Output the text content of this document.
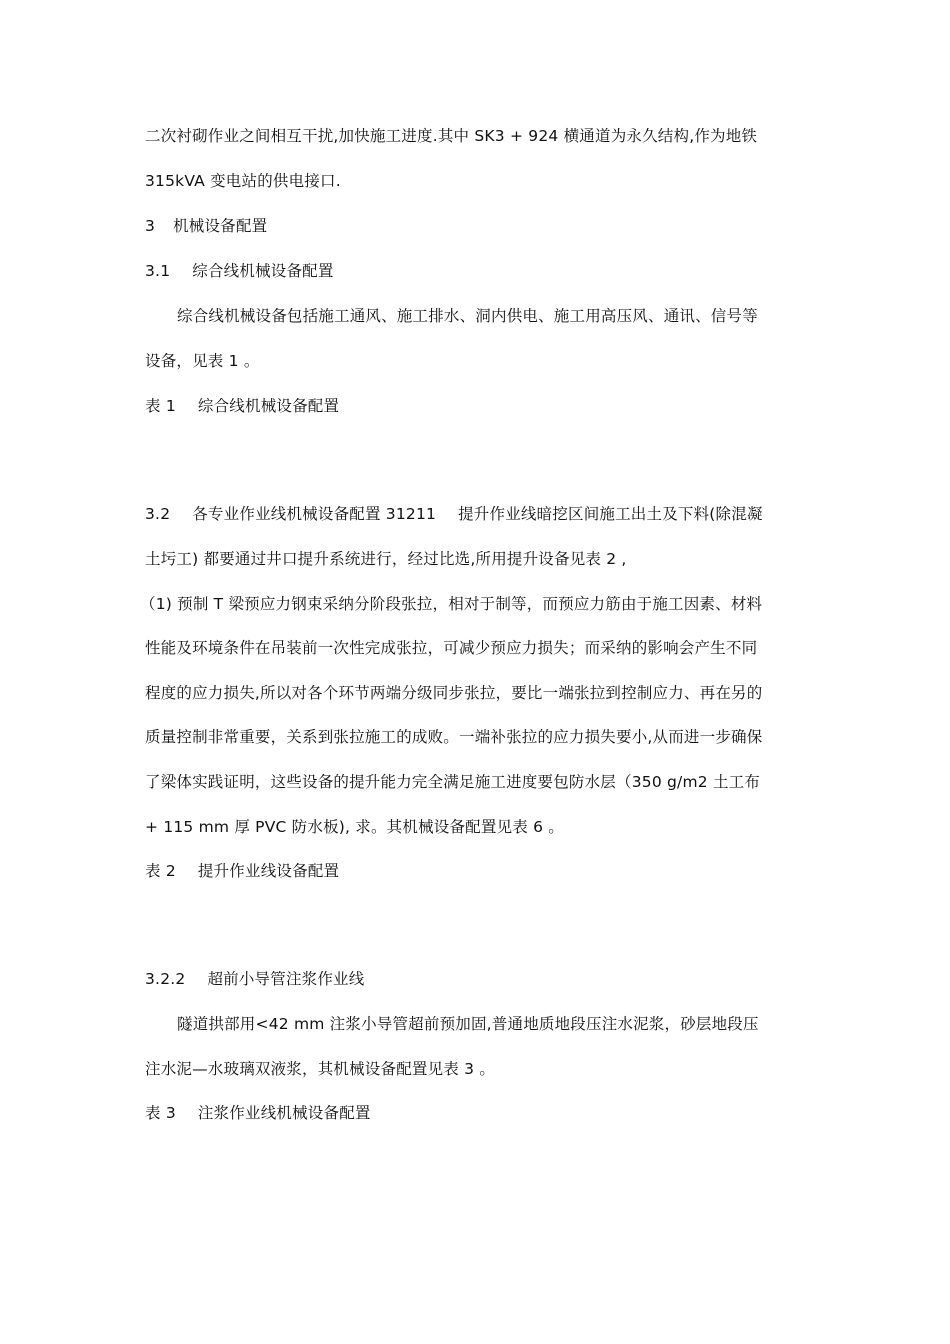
二次衬砌作业之间相互干扰,加快施工进度.其中 SK3 + 924 横通道为永久结构,作为地铁

315kVA 变电站的供电接口.

3 机械设备配置

3.1 综合线机械设备配置

综合线机械设备包括施工通风、施工排水、洞内供电、施工用高压风、通讯、信号等

设备，见表 1 。

表 1 综合线机械设备配置

3.2 各专业作业线机械设备配置 31211 提升作业线暗挖区间施工出土及下料(除混凝

土圬工) 都要通过井口提升系统进行，经过比选,所用提升设备见表 2 ,

（1) 预制 T 梁预应力钢束采纳分阶段张拉，相对于制等，而预应力筋由于施工因素、材料

性能及环境条件在吊装前一次性完成张拉，可减少预应力损失；而采纳的影响会产生不同

程度的应力损失,所以对各个环节两端分级同步张拉，要比一端张拉到控制应力、再在另的

质量控制非常重要，关系到张拉施工的成败。一端补张拉的应力损失要小,从而进一步确保

了梁体实践证明，这些设备的提升能力完全满足施工进度要包防水层（350 g/m2 土工布

+ 115 mm 厚 PVC 防水板), 求。其机械设备配置见表 6 。

表 2 提升作业线设备配置

3.2.2 超前小导管注浆作业线

隧道拱部用<42 mm 注浆小导管超前预加固,普通地质地段压注水泥浆，砂层地段压

注水泥—水玻璃双液浆，其机械设备配置见表 3 。

表 3 注浆作业线机械设备配置
